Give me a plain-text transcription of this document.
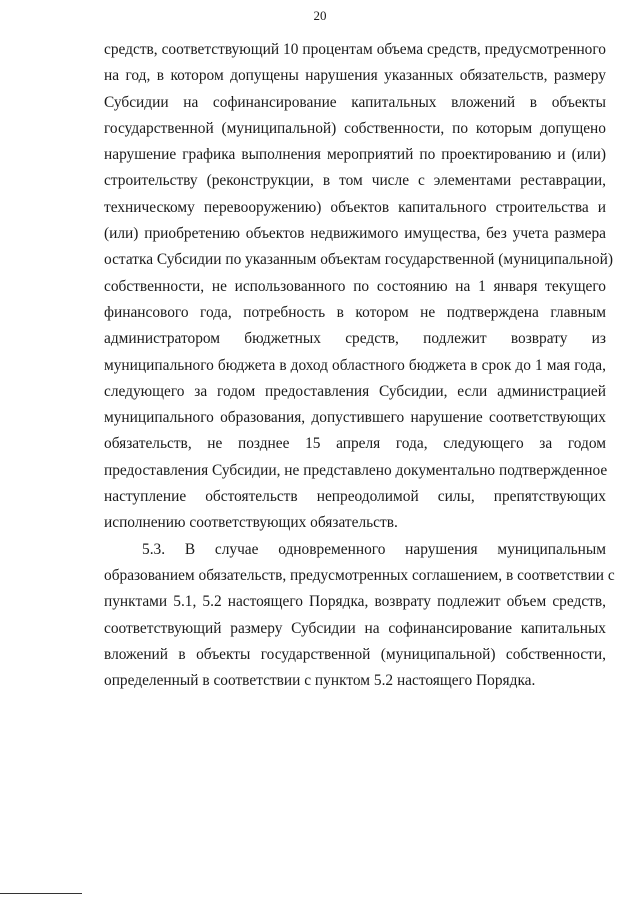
20

средств, соответствующий 10 процентам объема средств, предусмотренного
на год, в котором допущены нарушения указанных обязательств, размеру
Субсидии на софинансирование капитальных вложений в объекты
государственной (муниципальной) собственности, по которым допущено
нарушение графика выполнения мероприятий по проектированию и (или)
строительству (реконструкции, в том числе с элементами реставрации,
техническому перевооружению) объектов капитального строительства и
(или) приобретению объектов недвижимого имущества, без учета размера
остатка Субсидии по указанным объектам государственной (муниципальной)
собственности, не использованного по состоянию на 1 января текущего
финансового года, потребность в котором не подтверждена главным
администратором бюджетных средств, подлежит возврату из
муниципального бюджета в доход областного бюджета в срок до 1 мая года,
следующего за годом предоставления Субсидии, если администрацией
муниципального образования, допустившего нарушение соответствующих
обязательств, не позднее 15 апреля года, следующего за годом
предоставления Субсидии, не представлено документально подтвержденное
наступление обстоятельств непреодолимой силы, препятствующих
исполнению соответствующих обязательств.

5.3. В случае одновременного нарушения муниципальным
образованием обязательств, предусмотренных соглашением, в соответствии с
пунктами 5.1, 5.2 настоящего Порядка, возврату подлежит объем средств,
соответствующий размеру Субсидии на софинансирование капитальных
вложений в объекты государственной (муниципальной) собственности,
определенный в соответствии с пунктом 5.2 настоящего Порядка.
